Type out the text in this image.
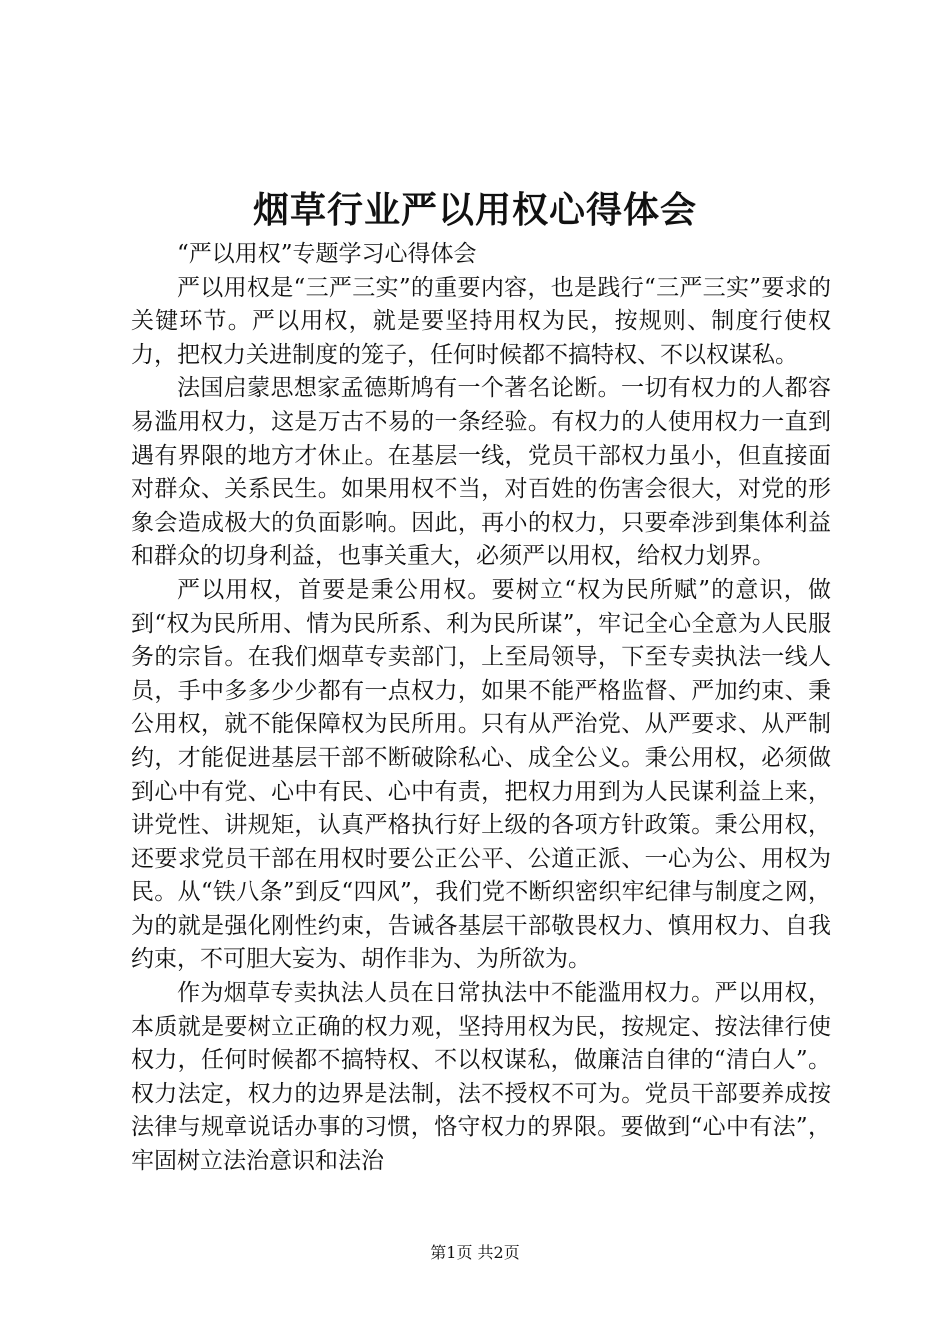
烟草行业严以用权心得体会

“严以用权”专题学习心得体会

严以用权是“三严三实”的重要内容，也是践行“三严三实”要求的关键环节。严以用权，就是要坚持用权为民，按规则、制度行使权力，把权力关进制度的笼子，任何时候都不搞特权、不以权谋私。

法国启蒙思想家孟德斯鸠有一个著名论断。一切有权力的人都容易滥用权力，这是万古不易的一条经验。有权力的人使用权力一直到遇有界限的地方才休止。在基层一线，党员干部权力虽小，但直接面对群众、关系民生。如果用权不当，对百姓的伤害会很大，对党的形象会造成极大的负面影响。因此，再小的权力，只要牵涉到集体利益和群众的切身利益，也事关重大，必须严以用权，给权力划界。

严以用权，首要是秉公用权。要树立“权为民所赋”的意识，做到“权为民所用、情为民所系、利为民所谋”，牢记全心全意为人民服务的宗旨。在我们烟草专卖部门，上至局领导，下至专卖执法一线人员，手中多多少少都有一点权力，如果不能严格监督、严加约束、秉公用权，就不能保障权为民所用。只有从严治党、从严要求、从严制约，才能促进基层干部不断破除私心、成全公义。秉公用权，必须做到心中有党、心中有民、心中有责，把权力用到为人民谋利益上来，讲党性、讲规矩，认真严格执行好上级的各项方针政策。秉公用权，还要求党员干部在用权时要公正公平、公道正派、一心为公、用权为民。从“铁八条”到反“四风”，我们党不断织密织牢纪律与制度之网，为的就是强化刚性约束，告诫各基层干部敬畏权力、慎用权力、自我约束，不可胆大妄为、胡作非为、为所欲为。

作为烟草专卖执法人员在日常执法中不能滥用权力。严以用权，本质就是要树立正确的权力观，坚持用权为民，按规定、按法律行使权力，任何时候都不搞特权、不以权谋私，做廉洁自律的“清白人”。权力法定，权力的边界是法制，法不授权不可为。党员干部要养成按法律与规章说话办事的习惯，恪守权力的界限。要做到“心中有法”，牢固树立法治意识和法治

第1页 共2页
